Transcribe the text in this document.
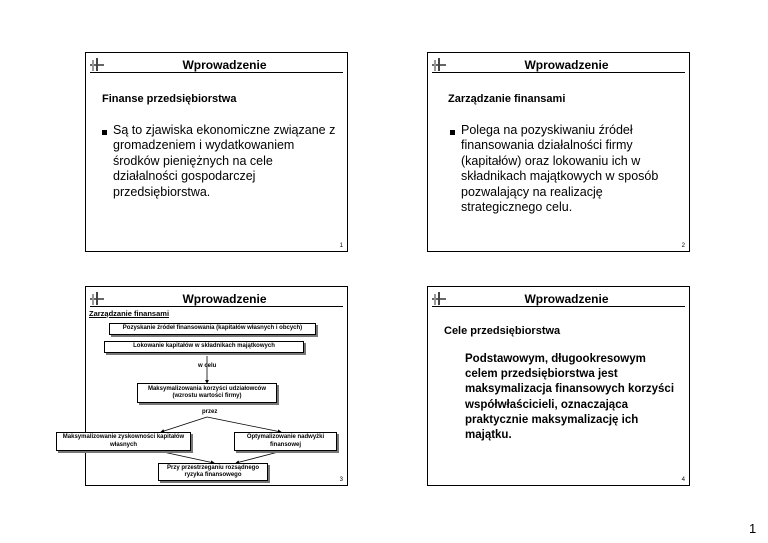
Wprowadzenie
Finanse przedsiębiorstwa
Są to zjawiska ekonomiczne związane z gromadzeniem i wydatkowaniem środków pieniężnych na cele działalności gospodarczej przedsiębiorstwa.
1
Wprowadzenie
Zarządzanie finansami
Polega na pozyskiwaniu źródeł finansowania działalności firmy (kapitałów) oraz lokowaniu ich w składnikach majątkowych w sposób pozwalający na realizację strategicznego celu.
2
Wprowadzenie
Zarządzanie finansami
Pozyskanie źródeł finansowania (kapitałów własnych i obcych)
Lokowanie kapitałów w składnikach majątkowych
w celu
Maksymalizowania korzyści udziałowców (wzrostu wartości firmy)
przez
Maksymalizowanie zyskowności kapitałów własnych
Optymalizowanie nadwyżki finansowej
Przy przestrzeganiu rozsądnego ryzyka finansowego
3
Wprowadzenie
Cele przedsiębiorstwa
Podstawowym, długookresowym celem przedsiębiorstwa jest maksymalizacja finansowych korzyści współwłaścicieli, oznaczająca praktycznie maksymalizację ich majątku.
4
1
